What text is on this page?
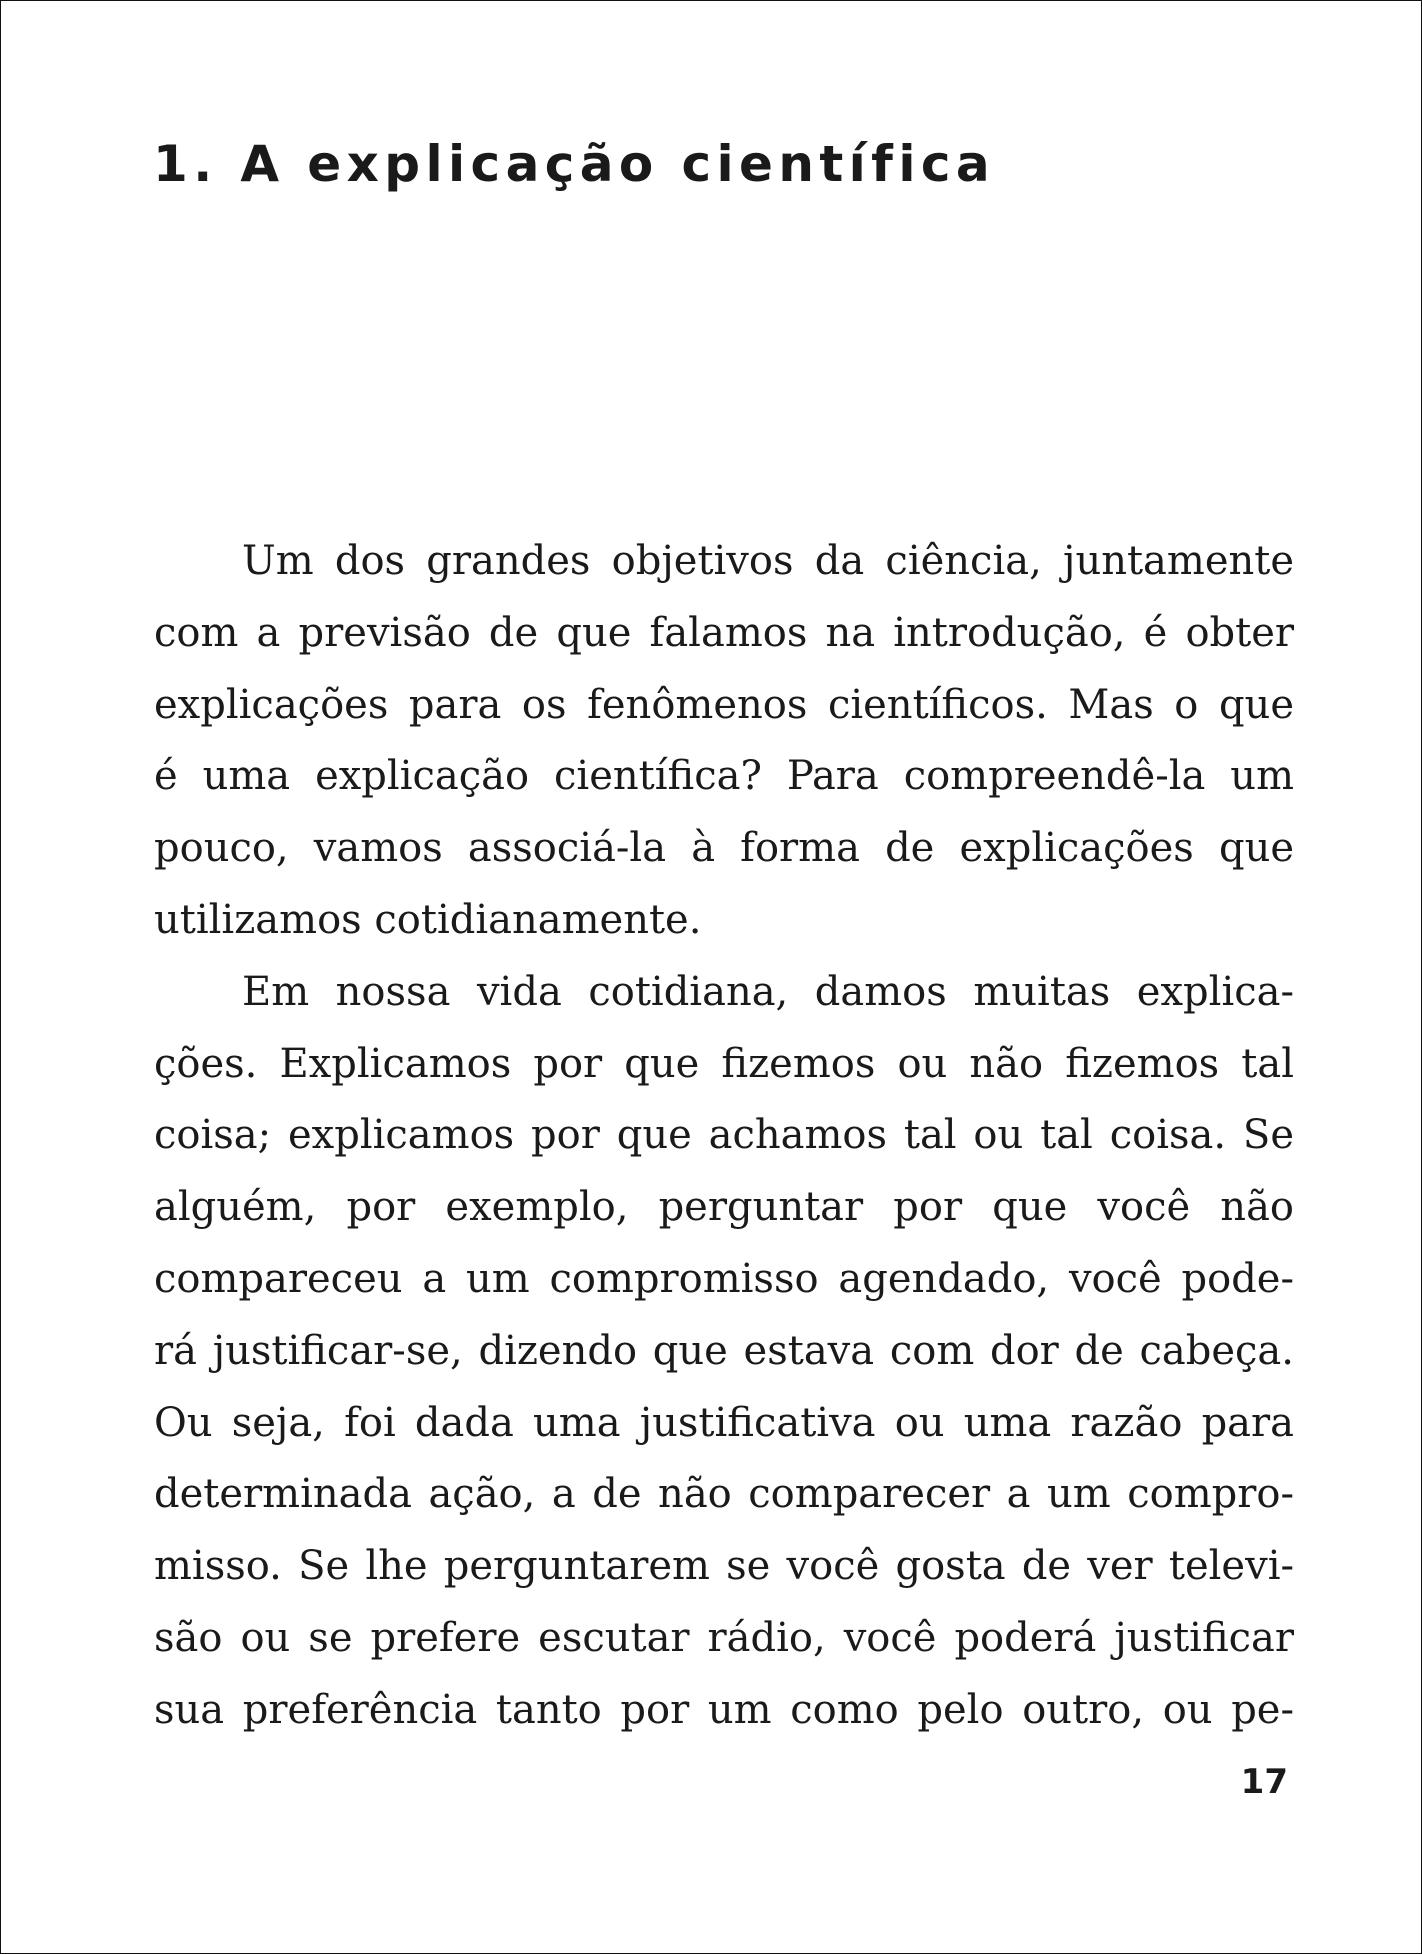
1. A explicação científica
Um dos grandes objetivos da ciência, juntamente
com a previsão de que falamos na introdução, é obter
explicações para os fenômenos científicos. Mas o que
é uma explicação científica? Para compreendê-la um
pouco, vamos associá-la à forma de explicações que
utilizamos cotidianamente.
Em nossa vida cotidiana, damos muitas explica-
ções. Explicamos por que fizemos ou não fizemos tal
coisa; explicamos por que achamos tal ou tal coisa. Se
alguém, por exemplo, perguntar por que você não
compareceu a um compromisso agendado, você pode-
rá justificar-se, dizendo que estava com dor de cabeça.
Ou seja, foi dada uma justificativa ou uma razão para
determinada ação, a de não comparecer a um compro-
misso. Se lhe perguntarem se você gosta de ver televi-
são ou se prefere escutar rádio, você poderá justificar
sua preferência tanto por um como pelo outro, ou pe-
17
